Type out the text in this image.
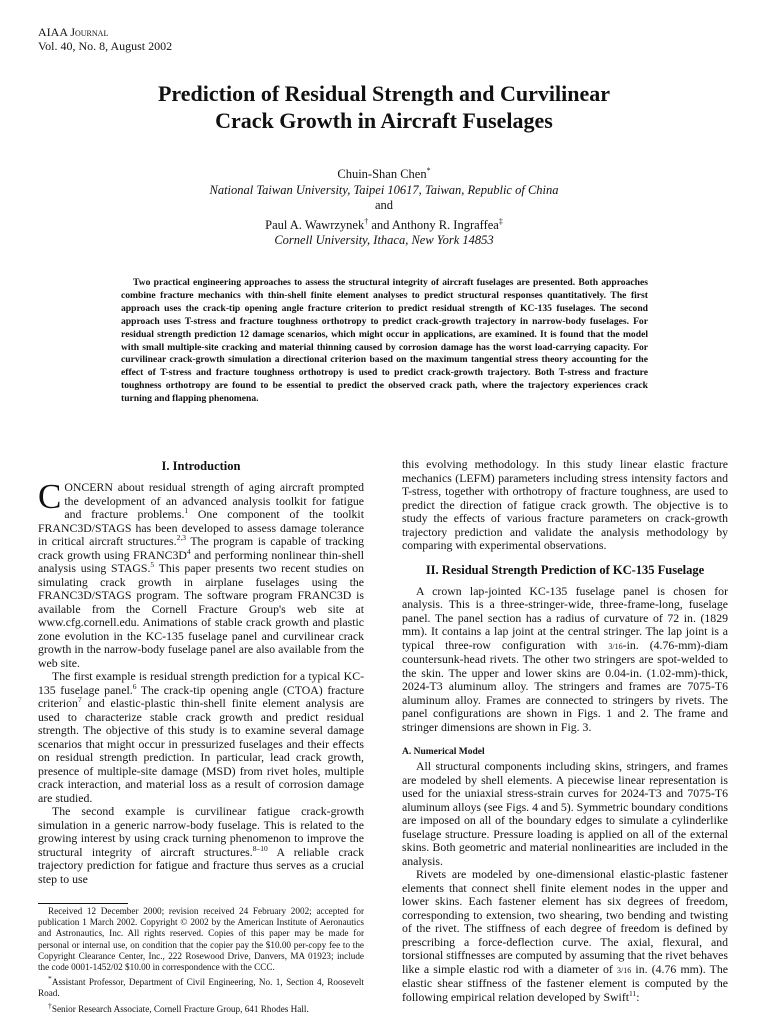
AIAA Journal
Vol. 40, No. 8, August 2002
Prediction of Residual Strength and Curvilinear
Crack Growth in Aircraft Fuselages
Chuin-Shan Chen*
National Taiwan University, Taipei 10617, Taiwan, Republic of China
and
Paul A. Wawrzynek† and Anthony R. Ingraffea‡
Cornell University, Ithaca, New York 14853

Two practical engineering approaches to assess the structural integrity of aircraft fuselages are presented. Both approaches combine fracture mechanics with thin-shell finite element analyses to predict structural responses quantitatively. The first approach uses the crack-tip opening angle fracture criterion to predict residual strength of KC-135 fuselages. The second approach uses T-stress and fracture toughness orthotropy to predict crack-growth trajectory in narrow-body fuselages. For residual strength prediction 12 damage scenarios, which might occur in applications, are examined. It is found that the model with small multiple-site cracking and material thinning caused by corrosion damage has the worst load-carrying capacity. For curvilinear crack-growth simulation a directional criterion based on the maximum tangential stress theory accounting for the effect of T-stress and fracture toughness orthotropy is used to predict crack-growth trajectory. Both T-stress and fracture toughness orthotropy are found to be essential to predict the observed crack path, where the trajectory experiences crack turning and flapping phenomena.

I. Introduction

CONCERN about residual strength of aging aircraft prompted the development of an advanced analysis toolkit for fatigue and fracture problems.$^1$ One component of the toolkit FRANC3D/STAGS has been developed to assess damage tolerance in critical aircraft structures.$^{2,3}$ The program is capable of tracking crack growth using FRANC3D$^4$ and performing nonlinear thin-shell analysis using STAGS.$^5$ This paper presents two recent studies on simulating crack growth in airplane fuselages using the FRANC3D/STAGS program. The software program FRANC3D is available from the Cornell Fracture Group's web site at www.cfg.cornell.edu. Animations of stable crack growth and plastic zone evolution in the KC-135 fuselage panel and curvilinear crack growth in the narrow-body fuselage panel are also available from the web site.

The first example is residual strength prediction for a typical KC-135 fuselage panel.$^6$ The crack-tip opening angle (CTOA) fracture criterion$^7$ and elastic-plastic thin-shell finite element analysis are used to characterize stable crack growth and predict residual strength. The objective of this study is to examine several damage scenarios that might occur in pressurized fuselages and their effects on residual strength prediction. In particular, lead crack growth, presence of multiple-site damage (MSD) from rivet holes, multiple crack interaction, and material loss as a result of corrosion damage are studied.

The second example is curvilinear fatigue crack-growth simulation in a generic narrow-body fuselage. This is related to the growing interest by using crack turning phenomenon to improve the structural integrity of aircraft structures.$^{8-10}$ A reliable crack trajectory prediction for fatigue and fracture thus serves as a crucial step to use

this evolving methodology. In this study linear elastic fracture mechanics (LEFM) parameters including stress intensity factors and T-stress, together with orthotropy of fracture toughness, are used to predict the direction of fatigue crack growth. The objective is to study the effects of various fracture parameters on crack-growth trajectory prediction and validate the analysis methodology by comparing with experimental observations.

II. Residual Strength Prediction of KC-135 Fuselage

A crown lap-jointed KC-135 fuselage panel is chosen for analysis. This is a three-stringer-wide, three-frame-long, fuselage panel. The panel section has a radius of curvature of 72 in. (1829 mm). It contains a lap joint at the central stringer. The lap joint is a typical three-row configuration with 3/16-in. (4.76-mm)-diam countersunk-head rivets. The other two stringers are spot-welded to the skin. The upper and lower skins are 0.04-in. (1.02-mm)-thick, 2024-T3 aluminum alloy. The stringers and frames are 7075-T6 aluminum alloy. Frames are connected to stringers by rivets. The panel configurations are shown in Figs. 1 and 2. The frame and stringer dimensions are shown in Fig. 3.

A. Numerical Model

All structural components including skins, stringers, and frames are modeled by shell elements. A piecewise linear representation is used for the uniaxial stress-strain curves for 2024-T3 and 7075-T6 aluminum alloys (see Figs. 4 and 5). Symmetric boundary conditions are imposed on all of the boundary edges to simulate a cylinderlike fuselage structure. Pressure loading is applied on all of the external skins. Both geometric and material nonlinearities are included in the analysis.

Rivets are modeled by one-dimensional elastic-plastic fastener elements that connect shell finite element nodes in the upper and lower skins. Each fastener element has six degrees of freedom, corresponding to extension, two shearing, two bending and twisting of the rivet. The stiffness of each degree of freedom is defined by prescribing a force-deflection curve. The axial, flexural, and torsional stiffnesses are computed by assuming that the rivet behaves like a simple elastic rod with a diameter of 3/16 in. (4.76 mm). The elastic shear stiffness of the fastener element is computed by the following empirical relation developed by Swift$^{11}$:

Received 12 December 2000; revision received 24 February 2002; accepted for publication 1 March 2002. Copyright © 2002 by the American Institute of Aeronautics and Astronautics, Inc. All rights reserved. Copies of this paper may be made for personal or internal use, on condition that the copier pay the $10.00 per-copy fee to the Copyright Clearance Center, Inc., 222 Rosewood Drive, Danvers, MA 01923; include the code 0001-1452/02 $10.00 in correspondence with the CCC.

*Assistant Professor, Department of Civil Engineering, No. 1, Section 4, Roosevelt Road.

†Senior Research Associate, Cornell Fracture Group, 641 Rhodes Hall.
